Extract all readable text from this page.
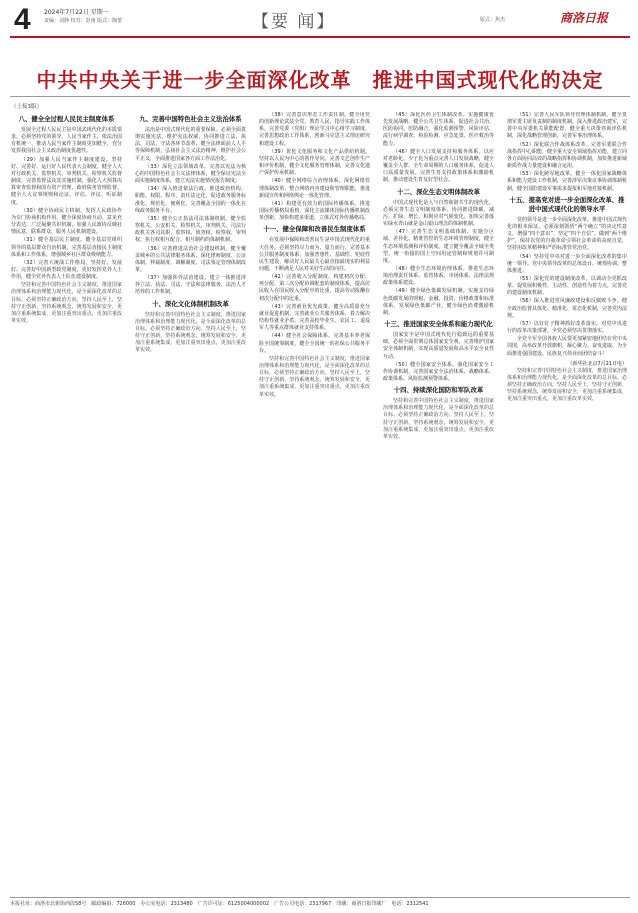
4 2024年7月22日 星期一
责编：刘静 校对：彭南 版式：陶蕾	【要 闻】	版式：焦杰	商洛日报
中共中央关于进一步全面深化改革　推进中国式现代化的决定
（上接3版）
八、健全全过程人民民主制度体系

发展全过程人民民主是中国式现代化的本质要求。必须坚持党的领导、人民当家作主、依法治国有机统一，推动人民当家作主制度更加健全，充分发挥我国社会主义政治制度优越性。

（29）加强人民当家作主制度建设。坚持好、完善好、运行好人民代表大会制度。健全人大对行政机关、监察机关、审判机关、检察机关监督制度，完善监督法及其实施机制，强化人大预算决算审查监督和国有资产管理、政府债务管理监督。健全人大议事规则和论证、评估、评议、听证制度。

（30）健全协商民主机制。发挥人民政协作为专门协商机构作用，健全深度协商互动、意见充分表达、广泛凝聚共识机制，加强人民政协反映社情民意、联系群众、服务人民机制建设。

（31）健全基层民主制度。健全基层党组织领导的基层群众自治机制，完善基层直接民主制度体系和工作体系，增强城乡社区群众吸纳能力。

（32）完善大统战工作格局。坚持好、发展好、完善好中国新型政党制度，更好发挥党外人士作用，健全党外代表人士队伍建设制度。

坚持和完善中国特色社会主义制度，推进国家治理体系和治理能力现代化，是全面深化改革的总目标。必须坚持正确政治方向，坚持人民至上，坚持守正创新，坚持系统观念，统筹发展和安全，更加注重系统集成，更加注重突出重点，更加注重改革实效。
九、完善中国特色社会主义法治体系

法治是中国式现代化的重要保障。必须全面贯彻实施宪法，维护宪法权威，协同推进立法、执法、司法、守法各环节改革，健全法律面前人人平等保障机制，弘扬社会主义法治精神，维护社会公平正义，全面推进国家各方面工作法治化。

（33）深化立法领域改革。完善以宪法为核心的中国特色社会主义法律体系，健全保证宪法全面实施制度体系，建立宪法实施情况报告制度。

（34）深入推进依法行政。推进政府机构、职能、权限、程序、责任法定化，促进政务服务标准化、规范化、便利化，完善覆盖全国的一体化在线政务服务平台。

（35）健全公正执法司法体制机制。健全监察机关、公安机关、检察机关、审判机关、司法行政机关各司其职，监察权、侦查权、检察权、审判权、执行权相互配合、相互制约的体制机制。

（36）完善推进法治社会建设机制。健全覆盖城乡的公共法律服务体系，深化律师制度、公证体制、仲裁制度、调解制度、司法鉴定管理体制改革。

（37）加强涉外法治建设。建立一体推进涉外立法、执法、司法、守法和法律服务、法治人才培养的工作机制。

十、深化文化体制机制改革
坚持和完善中国特色社会主义制度，推进国家治理体系和治理能力现代化，是全面深化改革的总目标。必须坚持正确政治方向，坚持人民至上，坚持守正创新，坚持系统观念，统筹发展和安全，更加注重系统集成，更加注重突出重点，更加注重改革实效。

（38）完善意识形态工作责任制。健全用党的创新理论武装全党、教育人民、指导实践工作体系，完善党委（党组）理论学习中心组学习制度，完善思想政治工作体系，创新马克思主义理论研究和建设工程。

（39）优化文化服务和文化产品供给机制。坚持以人民为中心的创作导向，完善文艺创作生产和评价机制，健全文化服务管理体制，完善文化遗产保护传承机制。

（40）健全网络综合治理体系。深化网络管理体制改革，整合网络内容建设和管理职能，推进新闻宣传和网络舆论一体化管理。

（41）构建更有效力的国际传播体系。推进国际传播格局重构，深化主流媒体国际传播机制改革创新，加快构建多渠道、立体式对外传播格局。

十一、健全保障和改善民生制度体系

在发展中保障和改善民生是中国式现代化的重大任务。必须坚持尽力而为、量力而行，完善基本公共服务制度体系，加强普惠性、基础性、兜底性民生建设，解决好人民最关心最直接最现实的利益问题，不断满足人民对美好生活的向往。

（42）完善收入分配制度。构建初次分配、再分配、第三次分配协调配套的制度体系，提高居民收入在国民收入分配中的比重，提高劳动报酬在初次分配中的比重。

（43）完善就业优先政策。健全高质量充分就业促进机制，完善就业公共服务体系，着力解决结构性就业矛盾。完善高校毕业生、农民工、退役军人等重点群体就业支持体系。

（44）健全社会保障体系。完善基本养老保险全国统筹制度，健全全国统一的社保公共服务平台。

坚持和完善中国特色社会主义制度，推进国家治理体系和治理能力现代化，是全面深化改革的总目标。必须坚持正确政治方向，坚持人民至上，坚持守正创新，坚持系统观念，统筹发展和安全，更加注重系统集成，更加注重突出重点，更加注重改革实效。

（45）深化医药卫生体制改革。实施健康优先发展战略，健全公共卫生体系，促进社会共治、医防协同、医防融合，强化监测预警、风险评估、流行病学调查、检验检测、应急处置、医疗救治等能力。

（46）健全人口发展支持和服务体系。以应对老龄化、少子化为重点完善人口发展战略，健全覆盖全人群、全生命周期的人口服务体系，促进人口高质量发展。完善生育支持政策体系和激励机制，推动建设生育友好型社会。

十二、深化生态文明体制改革

中国式现代化是人与自然和谐共生的现代化。必须完善生态文明制度体系，协同推进降碳、减污、扩绿、增长，积极应对气候变化，加快完善落实绿水青山就是金山银山理念的体制机制。

（47）完善生态文明基础体制。实施分区域、差异化、精准管控的生态环境管理制度，健全生态环境监测和评价制度。建立健全覆盖全域全类型、统一衔接的国土空间用途管制和规划许可制度。

（48）健全生态环境治理体系。推进生态环境治理责任体系、监管体系、市场体系、法律法规政策体系建设。

（49）健全绿色低碳发展机制。实施支持绿色低碳发展的财税、金融、投资、价格政策和标准体系，发展绿色低碳产业，健全绿色消费激励机制。

十三、推进国家安全体系和能力现代化

国家安全是中国式现代化行稳致远的重要基础。必须全面贯彻总体国家安全观，完善维护国家安全体制机制，实现高质量发展和高水平安全良性互动。

（50）健全国家安全体系。强化国家安全工作协调机制，完善国家安全法治体系、战略体系、政策体系、风险监测预警体系。

十四、持续深化国防和军队改革
坚持和完善中国特色社会主义制度，推进国家治理体系和治理能力现代化，是全面深化改革的总目标。必须坚持正确政治方向，坚持人民至上，坚持守正创新，坚持系统观念，统筹发展和安全，更加注重系统集成，更加注重突出重点，更加注重改革实效。

（51）完善人民军队领导管理体制机制。健全贯彻军委主席负责制的制度机制，深入推进政治建军，完善中央军委机关职能配置，健全重大决策咨询评估机制，深化战略管理创新，完善军事治理体系。

（52）深化联合作战体系改革。完善军委联合作战指挥中心职能，健全重大安全领域指挥功能，建立同各方面协同高效的战略指挥和协调机制，加快推进新域新质作战力量建设和融合运用。

（53）深化跨军地改革。健全一体化国家战略体系和能力建设工作机制，完善涉军决策议事协调体制机制，健全国防建设军事需求提报和军地对接机制。

十五、提高党对进一步全面深化改革、推进中国式现代化的领导水平

党的领导是进一步全面深化改革、推进中国式现代化的根本保证。必须深刻领悟“两个确立”的决定性意义，增强“四个意识”、坚定“四个自信”、做到“两个维护”，保持以党的自我革命引领社会革命的高度自觉，坚持用改革精神和严的标准管党治党。

（54）坚持党中央对进一步全面深化改革的集中统一领导。党中央领导改革的总体设计、统筹协调、整体推进。

（55）深化党的建设制度改革。以调动全党抓改革、促发展积极性、主动性、创造性为着力点，完善党的建设制度机制。

（56）深入推进党风廉政建设和反腐败斗争。健全政治监督具体化、精准化、常态化机制，完善党内法规。

（57）以钉钉子精神抓好改革落实。对党中央进行的改革决策部署，全党必须坚决贯彻落实。

全党全军全国各族人民要更加紧密地团结在党中央周围，高举改革开放旗帜，凝心聚力、奋发进取，为全面推进强国建设、民族复兴伟业而团结奋斗！

（新华社北京7月21日电）
坚持和完善中国特色社会主义制度，推进国家治理体系和治理能力现代化，是全面深化改革的总目标。必须坚持正确政治方向，坚持人民至上，坚持守正创新，坚持系统观念，统筹发展和安全，更加注重系统集成，更加注重突出重点，更加注重改革实效。
本报社址：商洛市北新街西段58号　邮政编码：726000　办公室电话：2313480　广告许可证：6125004000002　广告公司电话：2317967　印刷：商洛日报印刷厂　电话：2312541
